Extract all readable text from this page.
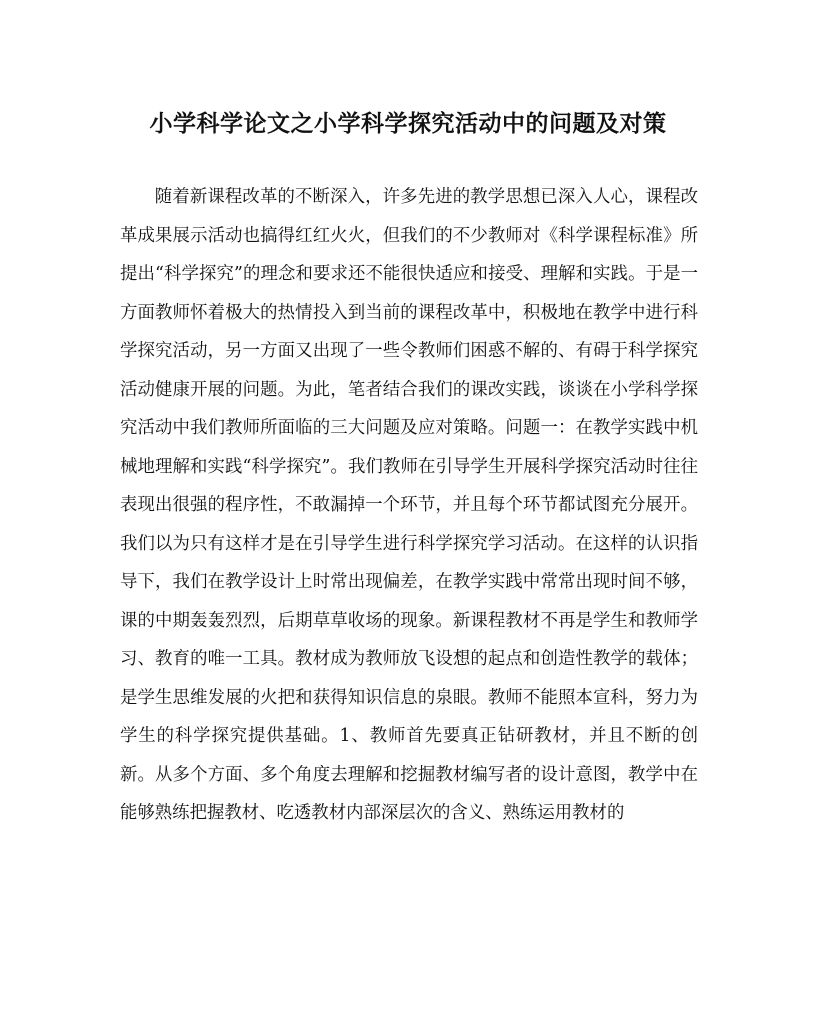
小学科学论文之小学科学探究活动中的问题及对策

随着新课程改革的不断深入，许多先进的教学思想已深入人心，课程改革成果展示活动也搞得红红火火，但我们的不少教师对《科学课程标准》所提出“科学探究”的理念和要求还不能很快适应和接受、理解和实践。于是一方面教师怀着极大的热情投入到当前的课程改革中，积极地在教学中进行科学探究活动，另一方面又出现了一些令教师们困惑不解的、有碍于科学探究活动健康开展的问题。为此，笔者结合我们的课改实践，谈谈在小学科学探究活动中我们教师所面临的三大问题及应对策略。问题一：在教学实践中机械地理解和实践“科学探究”。我们教师在引导学生开展科学探究活动时往往表现出很强的程序性，不敢漏掉一个环节，并且每个环节都试图充分展开。我们以为只有这样才是在引导学生进行科学探究学习活动。在这样的认识指导下，我们在教学设计上时常出现偏差，在教学实践中常常出现时间不够，课的中期轰轰烈烈，后期草草收场的现象。新课程教材不再是学生和教师学习、教育的唯一工具。教材成为教师放飞设想的起点和创造性教学的载体；是学生思维发展的火把和获得知识信息的泉眼。教师不能照本宣科，努力为学生的科学探究提供基础。1、教师首先要真正钻研教材，并且不断的创新。从多个方面、多个角度去理解和挖掘教材编写者的设计意图，教学中在能够熟练把握教材、吃透教材内部深层次的含义、熟练运用教材的
